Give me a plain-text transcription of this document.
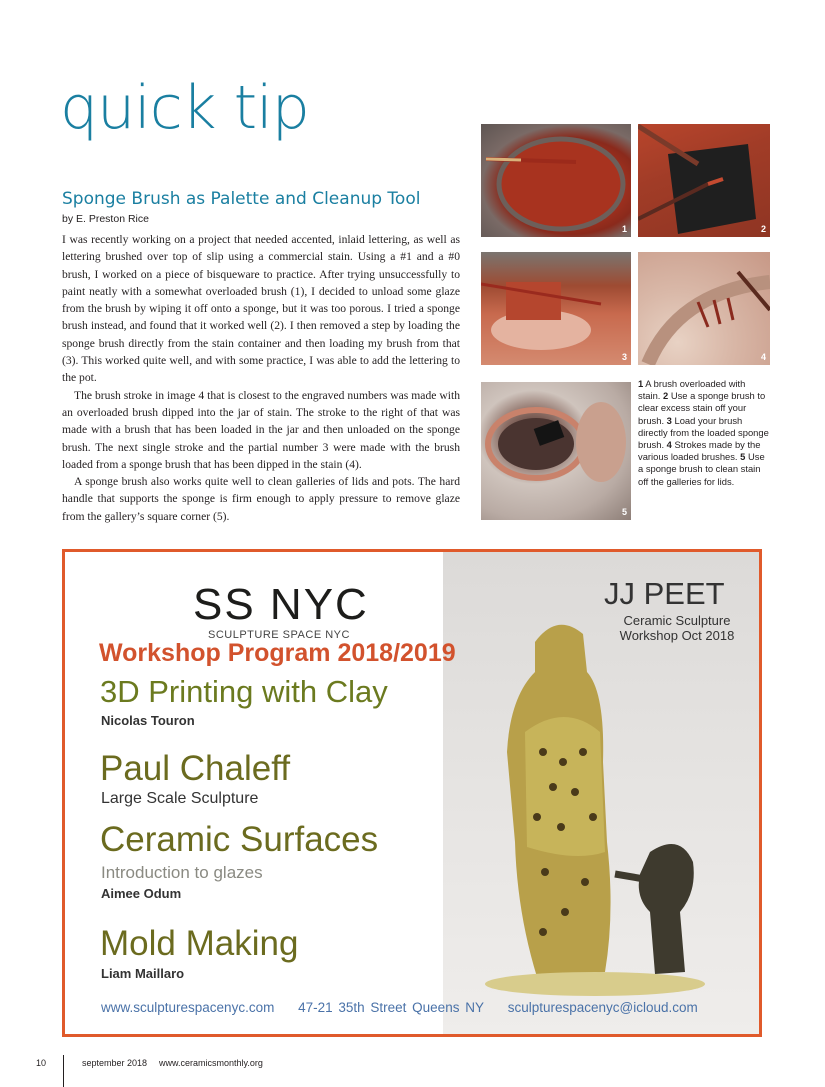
quick tip
Sponge Brush as Palette and Cleanup Tool
by E. Preston Rice

I was recently working on a project that needed accented, inlaid lettering, as well as lettering brushed over top of slip using a commercial stain. Using a #1 and a #0 brush, I worked on a piece of bisqueware to practice. After trying unsuccessfully to paint neatly with a somewhat overloaded brush (1), I decided to unload some glaze from the brush by wiping it off onto a sponge, but it was too porous. I tried a sponge brush instead, and found that it worked well (2). I then removed a step by loading the sponge brush directly from the stain container and then loading my brush from that (3). This worked quite well, and with some practice, I was able to add the lettering to the pot.

The brush stroke in image 4 that is closest to the engraved numbers was made with an overloaded brush dipped into the jar of stain. The stroke to the right of that was made with a brush that has been loaded in the jar and then unloaded on the sponge brush. The next single stroke and the partial number 3 were made with the brush loaded from a sponge brush that has been dipped in the stain (4).

A sponge brush also works quite well to clean galleries of lids and pots. The hard handle that supports the sponge is firm enough to apply pressure to remove glaze from the gallery’s square corner (5).

1	2
3	4
5
1 A brush overloaded with stain. 2 Use a sponge brush to clear excess stain off your brush. 3 Load your brush directly from the loaded sponge brush. 4 Strokes made by the various loaded brushes. 5 Use a sponge brush to clean stain off the galleries for lids.
SS NYC
SCULPTURE SPACE NYC
Workshop Program 2018/2019
3D Printing with Clay
Nicolas Touron
Paul Chaleff
Large Scale Sculpture
Ceramic Surfaces
Introduction to glazes
Aimee Odum
Mold Making
Liam Maillaro
JJ PEET
Ceramic Sculpture
Workshop Oct 2018
www.sculpturespacenyc.com 47-21 35th Street Queens NY sculpturespacenyc@icloud.com
10	september 2018 www.ceramicsmonthly.org
